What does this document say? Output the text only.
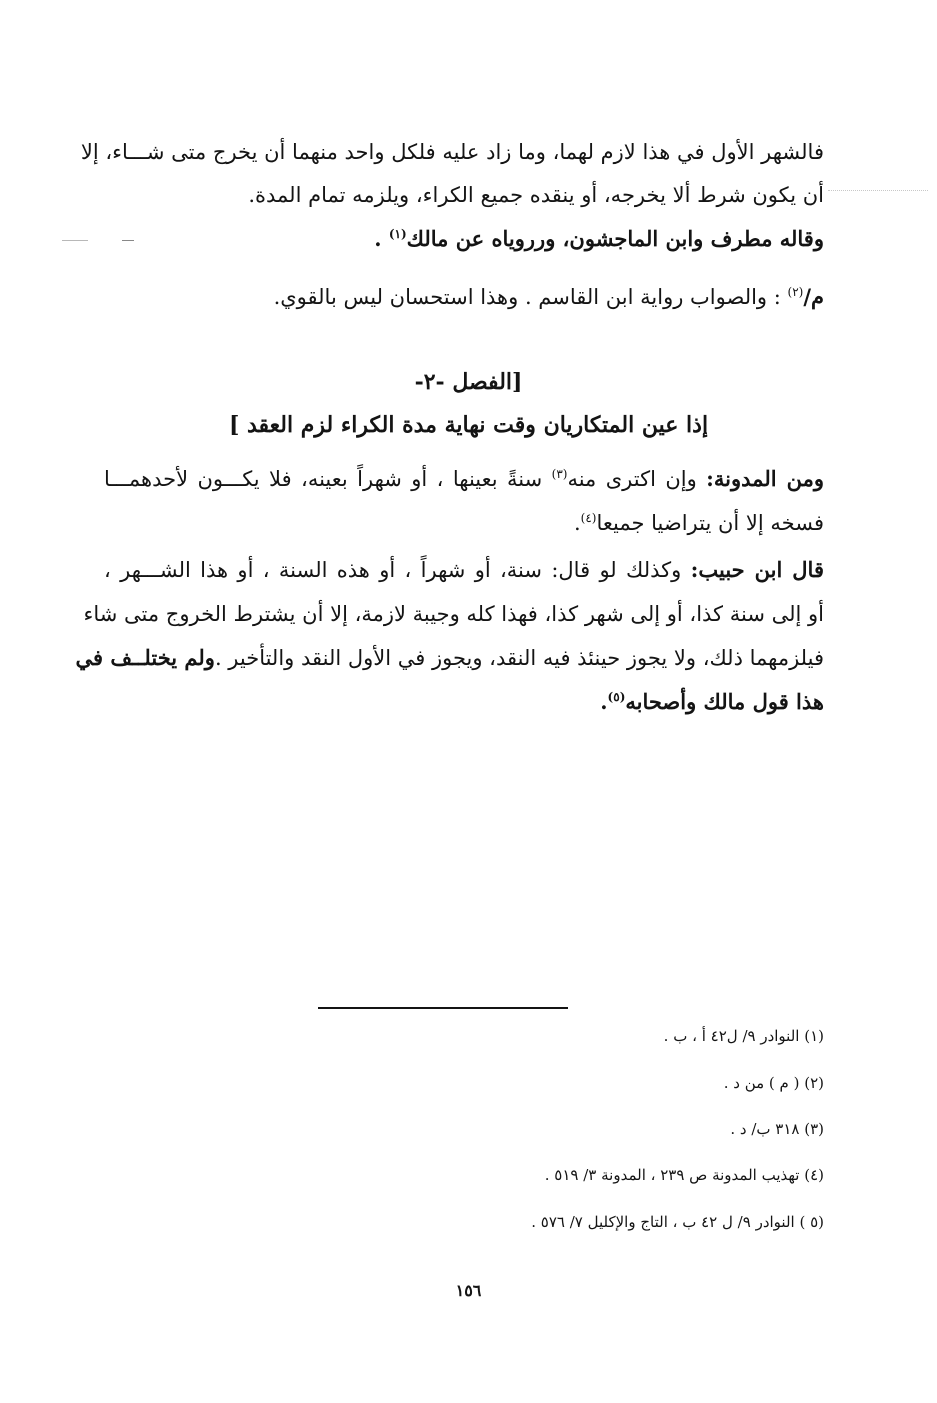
فالشهر الأول في هذا لازم لهما، وما زاد عليه فلكل واحد منهما أن يخرج متى شـــاء، إلا
أن يكون شرط ألا يخرجه، أو ينقده جميع الكراء، ويلزمه تمام المدة.
وقاله مطرف وابن الماجشون، ورروياه عن مالك$^{(١)}$ .
م/$^{(٢)}$ : والصواب رواية ابن القاسم . وهذا استحسان ليس بالقوي.
[الفصل -٢-
إذا عين المتكاريان وقت نهاية مدة الكراء لزم العقد ]
ومن المدونة: وإن اكترى منه$^{(٣)}$ سنةً بعينها ، أو شهراً بعينه، فلا يكـــون لأحدهمـــا
فسخه إلا أن يتراضيا جميعا$^{(٤)}$.
قال ابن حبيب: وكذلك لو قال: سنة، أو شهراً ، أو هذه السنة ، أو هذا الشـــهر ،
أو إلى سنة كذا، أو إلى شهر كذا، فهذا كله وجيبة لازمة، إلا أن يشترط الخروج متى شاء
فيلزمهما ذلك، ولا يجوز حينئذ فيه النقد، ويجوز في الأول النقد والتأخير .ولم يختلــف في
هذا قول مالك وأصحابه$^{(٥)}$.
(١) النوادر ٩/ ل٤٢ أ ، ب .
(٢) ( م ) من د .
(٣) ٣١٨ ب/ د .
(٤) تهذيب المدونة ص ٢٣٩ ، المدونة ٣/ ٥١٩ .
(٥ ) النوادر ٩/ ل ٤٢ ب ، التاج والإكليل ٧/ ٥٧٦ .
١٥٦
